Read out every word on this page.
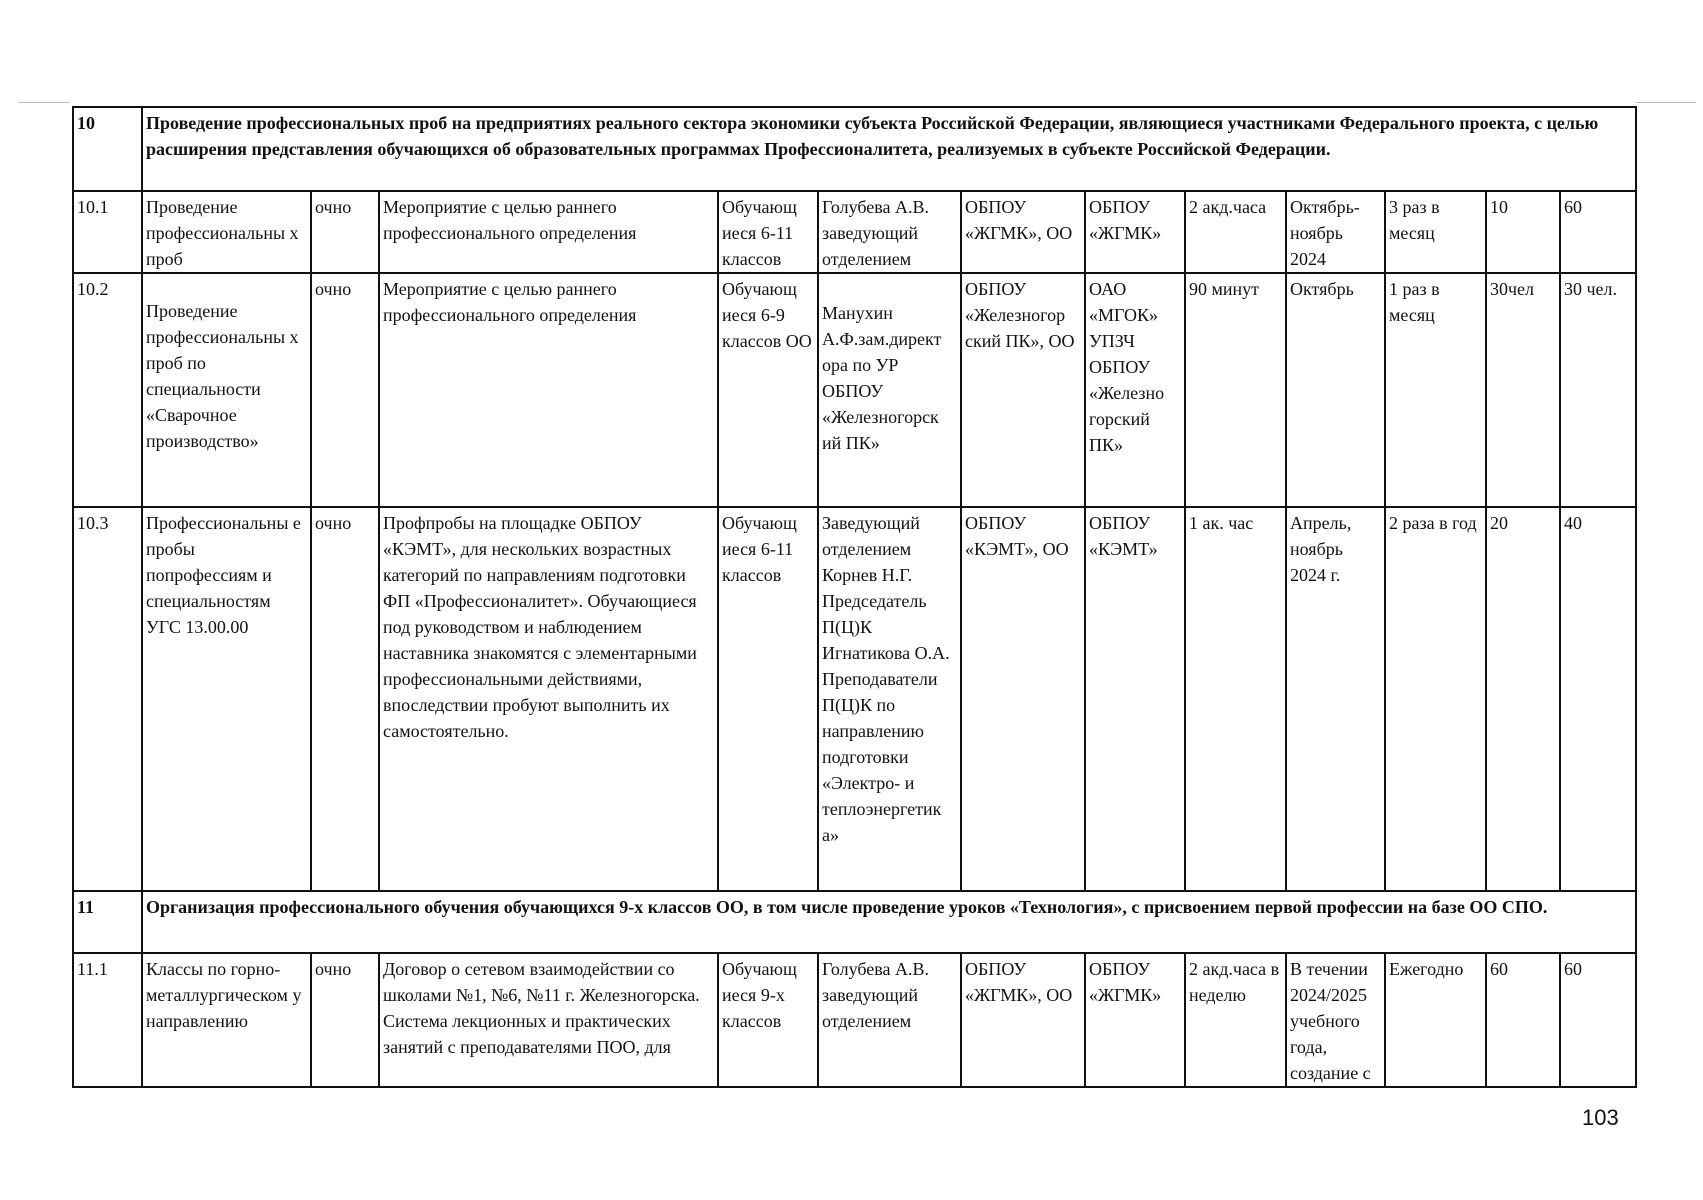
10	Проведение профессиональных проб на предприятиях реального сектора экономики субъекта Российской Федерации, являющиеся участниками Федерального проекта, с целью расширения представления обучающихся об образовательных программах Профессионалитета, реализуемых в субъекте Российской Федерации.											
10.1	Проведение профессиональны х проб	очно	Мероприятие с целью раннего профессионального определения	Обучающ иеся 6-11 классов	Голубева А.В. заведующий отделением	ОБПОУ «ЖГМК», ОО	ОБПОУ «ЖГМК»	2 акд.часа	Октябрь- ноябрь 2024	3 раз в месяц	10	60
10.2	Проведение профессиональны х проб по специальности «Сварочное производство»	очно	Мероприятие с целью раннего профессионального определения	Обучающ иеся 6-9 классов ОО	Манухин А.Ф.зам.директ ора по УР ОБПОУ «Железногорск ий ПК»	ОБПОУ «Железногор ский ПК», ОО	ОАО «МГОК» УПЗЧ ОБПОУ «Железно горский ПК»	90 минут	Октябрь	1 раз в месяц	30чел	30 чел.
10.3	Профессиональны е пробы попрофессиям и специальностям УГС 13.00.00	очно	Профпробы на площадке ОБПОУ «КЭМТ», для нескольких возрастных категорий по направлениям подготовки ФП «Профессионалитет». Обучающиеся под руководством и наблюдением наставника знакомятся с элементарными профессиональными действиями, впоследствии пробуют выполнить их самостоятельно.	Обучающ иеся 6-11 классов	Заведующий отделением Корнев Н.Г. Председатель П(Ц)К Игнатикова О.А. Преподаватели П(Ц)К по направлению подготовки «Электро- и теплоэнергетик а»	ОБПОУ «КЭМТ», ОО	ОБПОУ «КЭМТ»	1 ак. час	Апрель, ноябрь 2024 г.	2 раза в год	20	40
11	Организация профессионального обучения обучающихся 9-х классов ОО, в том числе проведение уроков «Технология», с присвоением первой профессии на базе ОО СПО.											
11.1	Классы по горно- металлургическом у направлению	очно	Договор о сетевом взаимодействии со школами №1, №6, №11 г. Железногорска. Система лекционных и практических занятий с преподавателями ПОО, для	Обучающ иеся 9-х классов	Голубева А.В. заведующий отделением	ОБПОУ «ЖГМК», ОО	ОБПОУ «ЖГМК»	2 акд.часа в неделю	В течении 2024/2025 учебного года, создание с	Ежегодно	60	60
103
